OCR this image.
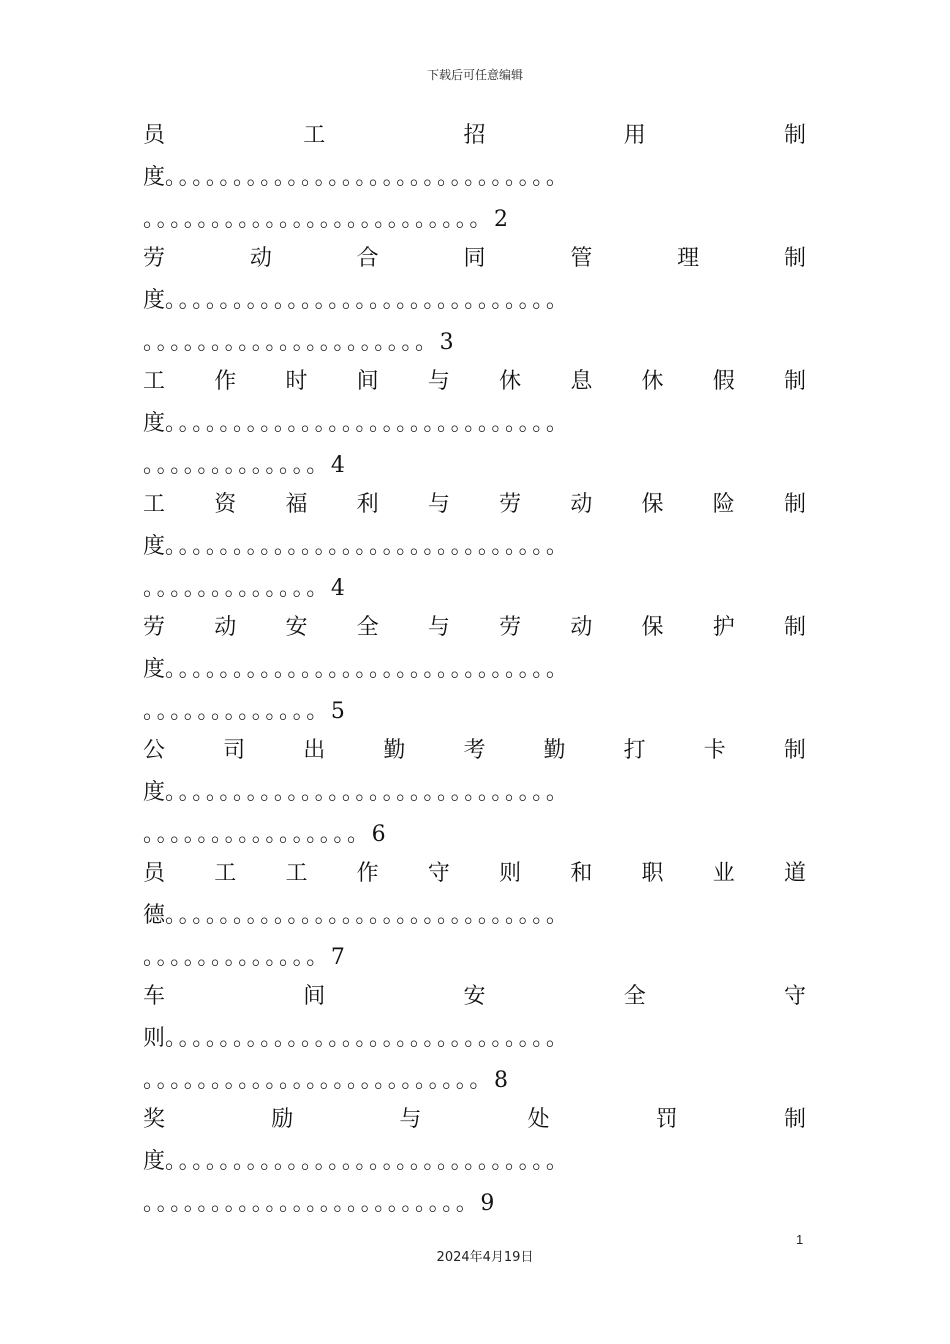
下载后可任意编辑
员	工	招	用	制
度。。。。。。。。。。。。。。。。。。。。。。。。。。。。。
。。。。。。。。。。。。。。。。。。。。。。。。。2
劳	动	合	同	管	理	制
度。。。。。。。。。。。。。。。。。。。。。。。。。。。。。
。。。。。。。。。。。。。。。。。。。。。3
工 作 时 间 与 休 息 休 假 制
度。。。。。。。。。。。。。。。。。。。。。。。。。。。。。
。。。。。。。。。。。。。4
工 资 福 利 与 劳 动 保 险 制
度。。。。。。。。。。。。。。。。。。。。。。。。。。。。。
。。。。。。。。。。。。。4
劳 动 安 全 与 劳 动 保 护 制
度。。。。。。。。。。。。。。。。。。。。。。。。。。。。。
。。。。。。。。。。。。。5
公	司	出	勤	考	勤	打	卡	制
度。。。。。。。。。。。。。。。。。。。。。。。。。。。。。
。。。。。。。。。。。。。。。。6
员 工 工 作 守 则 和 职 业 道
德。。。。。。。。。。。。。。。。。。。。。。。。。。。。。
。。。。。。。。。。。。。7
车	间	安	全	守
则。。。。。。。。。。。。。。。。。。。。。。。。。。。。。
。。。。。。。。。。。。。。。。。。。。。。。。。8
奖	励	与	处	罚	制
度。。。。。。。。。。。。。。。。。。。。。。。。。。。。。
。。。。。。。。。。。。。。。。。。。。。。。。9
1
2024年4月19日
